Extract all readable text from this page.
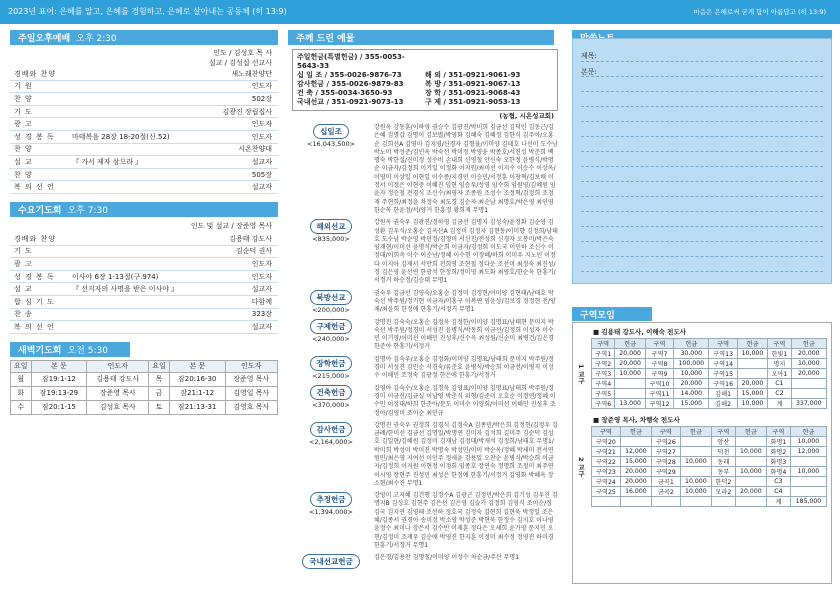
2023년 표어: 은혜를 알고, 은혜를 경험하고, 은혜로 살아내는 공동체 (히 13:9)	마음은 은혜로써 굳게 함이 아름답고 (히 13:9)
주일오후예배 오후 2:30
인도 / 김성호 목 사
설교 / 김성섭 선교사
경배와 찬양	새노래찬양단
기 원	인도자
찬 양	502장
기 도	김광진 장립집사
광 고	인도자
성 경 봉 독	마태복음 28장 18-20절(신.52)	인도자
찬 양	시온찬양대
설 교	『 가서 제자 삼으라 』	설교자
찬 양	505장
복 의 선 언	설교자
수요기도회 오후 7:30
인도 및 설교 / 장준영 목사
경배와 찬양	김용태 강도사
기 도	김순덕 권사
광 고	인도자
성 경 봉 독	이사야 6장 1-13절(구.974)	인도자
설 교	『 선지자의 사명을 받은 이사야 』	설교자
합 심 기 도	다함께
찬 송	323장
복 의 선 언	설교자
새벽기도회 오전 5:30
요일	본 문	인도자	요일	본 문	인도자
월	잠19:1-12	김용태 강도사	목	잠20:16-30	장준영 목사
화	잠19:13-29	장준영 목사	금	잠21:1-12	김영일 목사
수	잠20:1-15	김성호 목사	토	잠21:13-31	김영호 목사
주께 드린 예물
주일헌금(특별헌금) / 355-0053-5643-33
십 일 조 / 355-0026-9876-73	해 외 / 351-0921-9061-93
감사헌금 / 355-0026-9879-83	복 방 / 351-0921-9067-13
건 축 / 355-0034-3650-93	장 학 / 351-0921-9068-43
국내선교 / 351-0921-9073-13	구 제 / 351-0921-9053-13
(농협, 시온성교회)
십일조
<16,043,500>
강원옥 강동훈/이하영 권승수 김광진/박미희 김금선 김덕인 김동근/김은혜 김명갑 김명이 김보별/박영화 김혜숙 김혜정 김한식 김주아/오홍순 김희선A 김영미 김지영/신경자 김형율/이미양 김태호 나선미 도수남 박노미 박성준/김인옥 박숙선 박미정 박영웅 박종호/서진성 박준희 백명숙 박한설/진미정 성수비 손내희 신영철 안신숙 오한정 윤병식/박명순 이금자/김정희 이기일 이정화 이지원/최미선 이지수 이승수 이상옥/이영미 이상일 이현일 이수종/지경민 이승민/서정훈 이창혁/김보배 이정서 이정은 이현중 이혜진 임현 임승우/성영 임수희 임원영/김혜원 임윤자 정승철 전경식 조신수/최영자 조종원 조성수 조정혁/김정희 조정재 주현희/최정윤 차정숙 최도경 김순자 최순남 최명호/박은영 최인영 한순옥 한윤정/서/양거 한흥정 황희재 무명1
해외선교
<835,000>
강원옥 권숙우 김광진/정하영 김금선 김명지 김성숙/윤정화 김순영 김성환 김우식/오홍순 김옥산A 김정미 김정자 김현동/이미향 김정희/남태호 도수남 박순영 박민정/김정미 서신진/전성희 신경자 오봉미/박은숙 임재현/이미선 윤명식/박순희 이금자/김정희 이도국 이인하 조신수 이정대/이희옥 이수 이순난/정혜 이수현 이정혜/하희 이미우 지노인 이정다 이지아 김재서 서만희 전희영 조현철 정다운 조선미 최정숙 최진성/정 김은영 윤선연 한광석 한정희/정미영 최도화 최영호/한순옥 한흥기/서정거 하승정/김승대 무명1
북방선교
<200,000>
권숙우 김금선 김영숙/오홍순 김정미 김정현/이미양 김현태/남태호 박숙선 박주원/정기현 이금자/이홍구 이복연 임윤상/김보경 정정현 전/양재/최윤희 한정애 한흥기/서정거 무명1
구제헌금
<240,000>
강명진 김숙숙/오홍순 김정욱 김정한/이미양 김명표/남태현 문미지 박숙선 박주원/정경미 서성진 윤병식/박동희 이금선/김정희 이성자 이수민 이기영/이미선 이해민 진성후/신수옥 최성원/신순미 최병건/김은경 한준아 한흥기/서정거
장학헌금
<215,000>
김명아 김숙우/오홍순 김정화/이미양 김명표/남태희 문미지 박주원/정경미 서성진 김민순 서경숙/류준호 윤병식/박승희 이금선/이병직 이성수 이해민 조정숙 김광정 한은애 한흥기/서정거
건축헌금
<370,000>
김영아 김숙수/오홍순 김정욱 김영표/이미양 김명표/남태희 박주원/정경미 이금선/김금실 이남영 박춘식 위형/김준미 오호순 이정연/정혜 이수민 이정대/하희 한준아/문도 이미수 이영희/이미선 이해민 진성후 조정아/김영미 조이순 최민규
감사헌금
<2,164,000>
강명진 권숙우 권정희 김경식 김정숙A 김종민/박은희 김정현/김정우 김금례/한미선 김금선 김명일/박명연 김미자 김석희 김미주 김순덕 김성호 김일현/김혜원 김정미 김재남 김정대/박재석 김정희/남태호 무명1/박미희 박성미 박미진 박명숙 박성민/이미 박순옥/정혜 박세미 전서연 원민/최은영 지여선 이인주 정세윤 김용일 오찬순 윤병식/박승희 이금자/김정희 이지원 이현정 이정희 임종호 장연숙 정명희 조정미 최주연 이시영 장현주 진성민 최성은 한정애 한흥기/서정거 김영화 박혜옥 장소현/최수진 무명1
추정헌금
<1,394,000>
강영미 고지혜 김건행 김정수A 김광근 김정민/박은희 김기성 김우진 김명지B 김성호 김현주 김은선 김은영 김슬기 김정희 김영식 조이순/정 김국 김지연 김영태 조선하 정호국 김정숙 김현희 김현욱 박정일 조은혜/김종서 권경아 송미정 박소영 박성준 박현욱 한정수 김지호 이나영 윤정수 최미나 장은서 김수빈 이재훈 정다은 오세희 윤가영 문지민 오현/김정미 조재우 김순애 박영진 한지훈 이정미 최수정 정영진 하미경 한흥기/서정거 무명1
국내선교헌금	김은경/김용찬 김명철/이미양 이성수 차순금/주산 무명1
제목:
본문:
구역모임
■ 김용태 강도사, 이해숙 전도사
1 교구
구역	헌금	구역	헌금	구역	헌금	구역	헌금
구역1	20,000	구역7	30,000	구역13	10,000	한빛1	20,000
구역2	20,000	구역8	100,000	구역14		명지	10,000
구역3	10,000	구역9	10,000	구역15		오아1	20,000
구역4		구역10	20,000	구역16	20,000	C1	
구역5		구역11	14,000	김해1	15,000	C2	
구역6	13,000	구역12	15,000	김해2	10,000	계	337,000
■ 장준영 목사, 차행숙 전도사
2 교구
구역	헌금	구역	헌금	구역	헌금	구역	헌금
구역20		구역26		양산		화명1	10,000
구역21	12,000	구역27		덕천	10,000	화명2	12,000
구역22	15,000	구역28	10,000	동래		화명3	
구역23	20,000	구역29		동부	10,000	화명4	10,000
구역24	20,000	금곡1	10,000	한덕2		C3	
구역25	16,000	금곡2	10,000	모라2	20,000	C4	
						계	185,000
